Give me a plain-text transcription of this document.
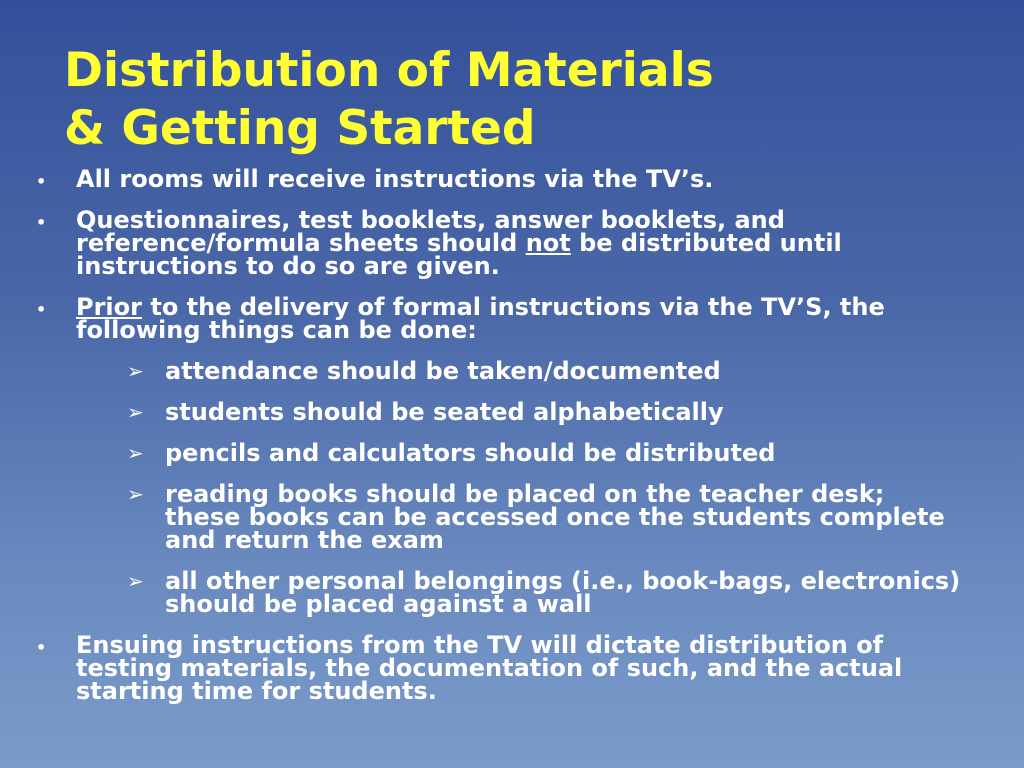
Distribution of Materials
& Getting Started
• All rooms will receive instructions via the TV’s.
• Questionnaires, test booklets, answer booklets, and reference/formula sheets should not be distributed until instructions to do so are given.
• Prior to the delivery of formal instructions via the TV’S, the following things can be done:
➢ attendance should be taken/documented
➢ students should be seated alphabetically
➢ pencils and calculators should be distributed
➢ reading books should be placed on the teacher desk; these books can be accessed once the students complete and return the exam
➢ all other personal belongings (i.e., book-bags, electronics) should be placed against a wall
• Ensuing instructions from the TV will dictate distribution of testing materials, the documentation of such, and the actual starting time for students.
